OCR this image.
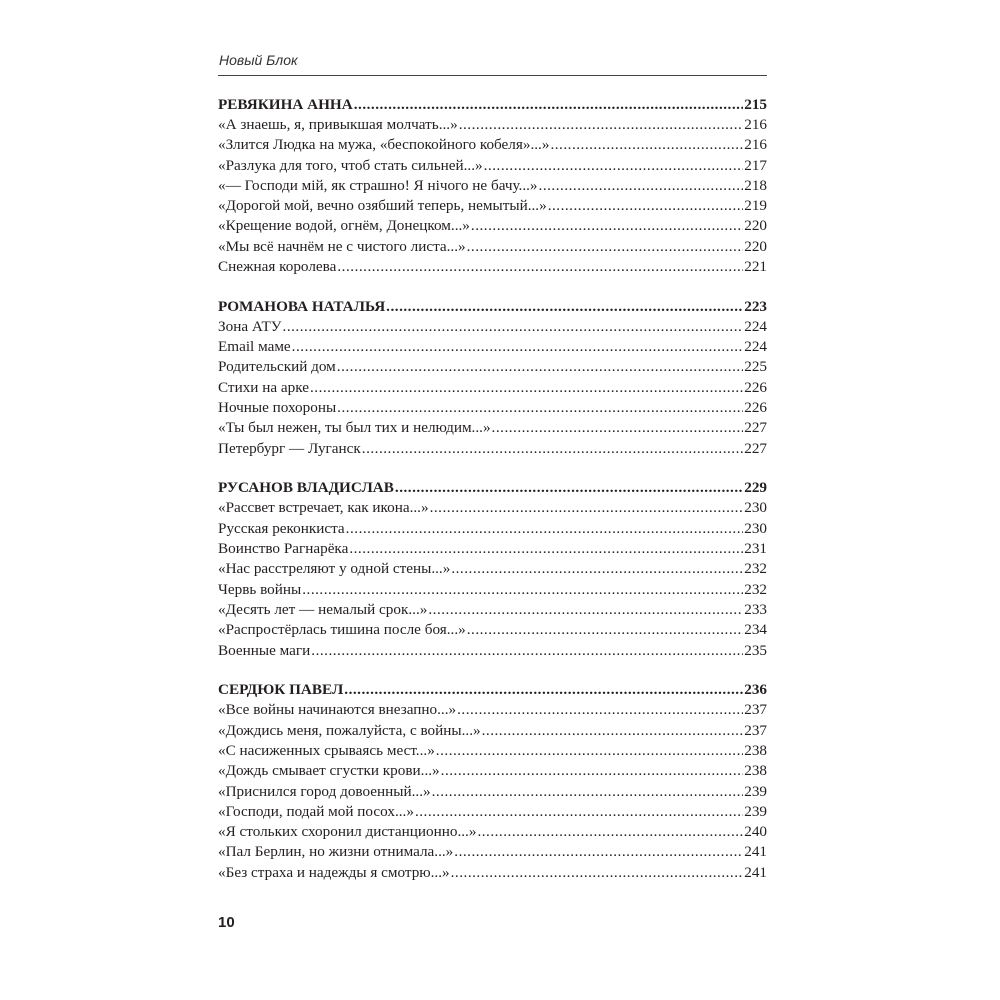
Новый Блок
РЕВЯКИНА АННА .....	215
«А знаешь, я, привыкшая молчать...» .....	216
«Злится Людка на мужа, «беспокойного кобеля»...» .....	216
«Разлука для того, чтоб стать сильней...» .....	217
«— Господи мій, як страшно! Я нічого не бачу...» .....	218
«Дорогой мой, вечно озябший теперь, немытый...» .....	219
«Крещение водой, огнём, Донецком...» .....	220
«Мы всё начнём не с чистого листа...» .....	220
Снежная королева .....	221
РОМАНОВА НАТАЛЬЯ .....	223
Зона АТУ .....	224
Email маме .....	224
Родительский дом .....	225
Стихи на арке .....	226
Ночные похороны .....	226
«Ты был нежен, ты был тих и нелюдим...» .....	227
Петербург — Луганск .....	227
РУСАНОВ ВЛАДИСЛАВ .....	229
«Рассвет встречает, как икона...» .....	230
Русская реконкиста .....	230
Воинство Рагнарёка .....	231
«Нас расстреляют у одной стены...» .....	232
Червь войны .....	232
«Десять лет — немалый срок...» .....	233
«Распростёрлась тишина после боя...» .....	234
Военные маги .....	235
СЕРДЮК ПАВЕЛ .....	236
«Все войны начинаются внезапно...» .....	237
«Дождись меня, пожалуйста, с войны...» .....	237
«С насиженных срываясь мест...» .....	238
«Дождь смывает сгустки крови...» .....	238
«Приснился город довоенный...» .....	239
«Господи, подай мой посох...» .....	239
«Я стольких схоронил дистанционно...» .....	240
«Пал Берлин, но жизни отнимала...» .....	241
«Без страха и надежды я смотрю...» .....	241
10
